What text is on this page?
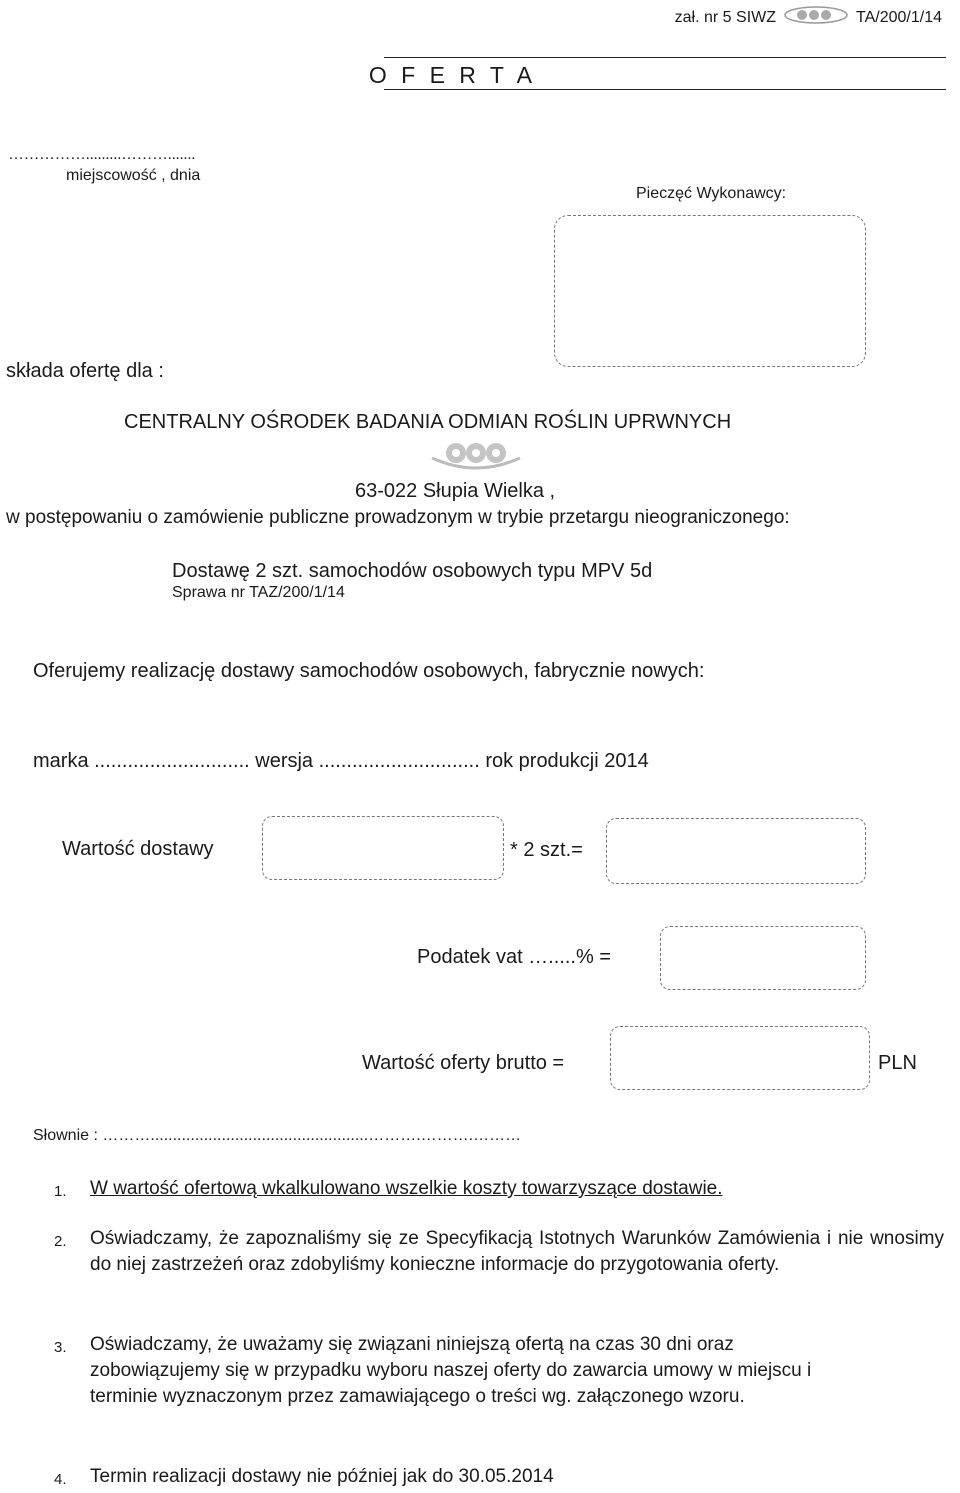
zał. nr 5 SIWZ	TA/200/1/14
O F E R T A
…………….........……….......
miejscowość , dnia
Pieczęć Wykonawcy:
składa ofertę dla :
CENTRALNY OŚRODEK BADANIA ODMIAN ROŚLIN UPRWNYCH
63-022 Słupia Wielka ,
w postępowaniu o zamówienie publiczne prowadzonym w trybie przetargu nieograniczonego:
Dostawę 2 szt. samochodów osobowych typu MPV 5d
Sprawa nr TAZ/200/1/14
Oferujemy realizację dostawy samochodów osobowych, fabrycznie nowych:
marka ............................ wersja ............................. rok produkcji 2014
Wartość dostawy	* 2 szt.=
Podatek vat ….....% =
Wartość oferty brutto =	PLN
Słownie : ……….................................................……….……….………
1. W wartość ofertową wkalkulowano wszelkie koszty towarzyszące dostawie.
2. Oświadczamy, że zapoznaliśmy się ze Specyfikacją Istotnych Warunków Zamówienia i nie wnosimy do niej zastrzeżeń oraz zdobyliśmy konieczne informacje do przygotowania oferty.
3. Oświadczamy, że uważamy się związani niniejszą ofertą na czas 30 dni oraz zobowiązujemy się w przypadku wyboru naszej oferty do zawarcia umowy w miejscu i terminie wyznaczonym przez zamawiającego o treści wg. załączonego wzoru.
4. Termin realizacji dostawy nie później jak do 30.05.2014
